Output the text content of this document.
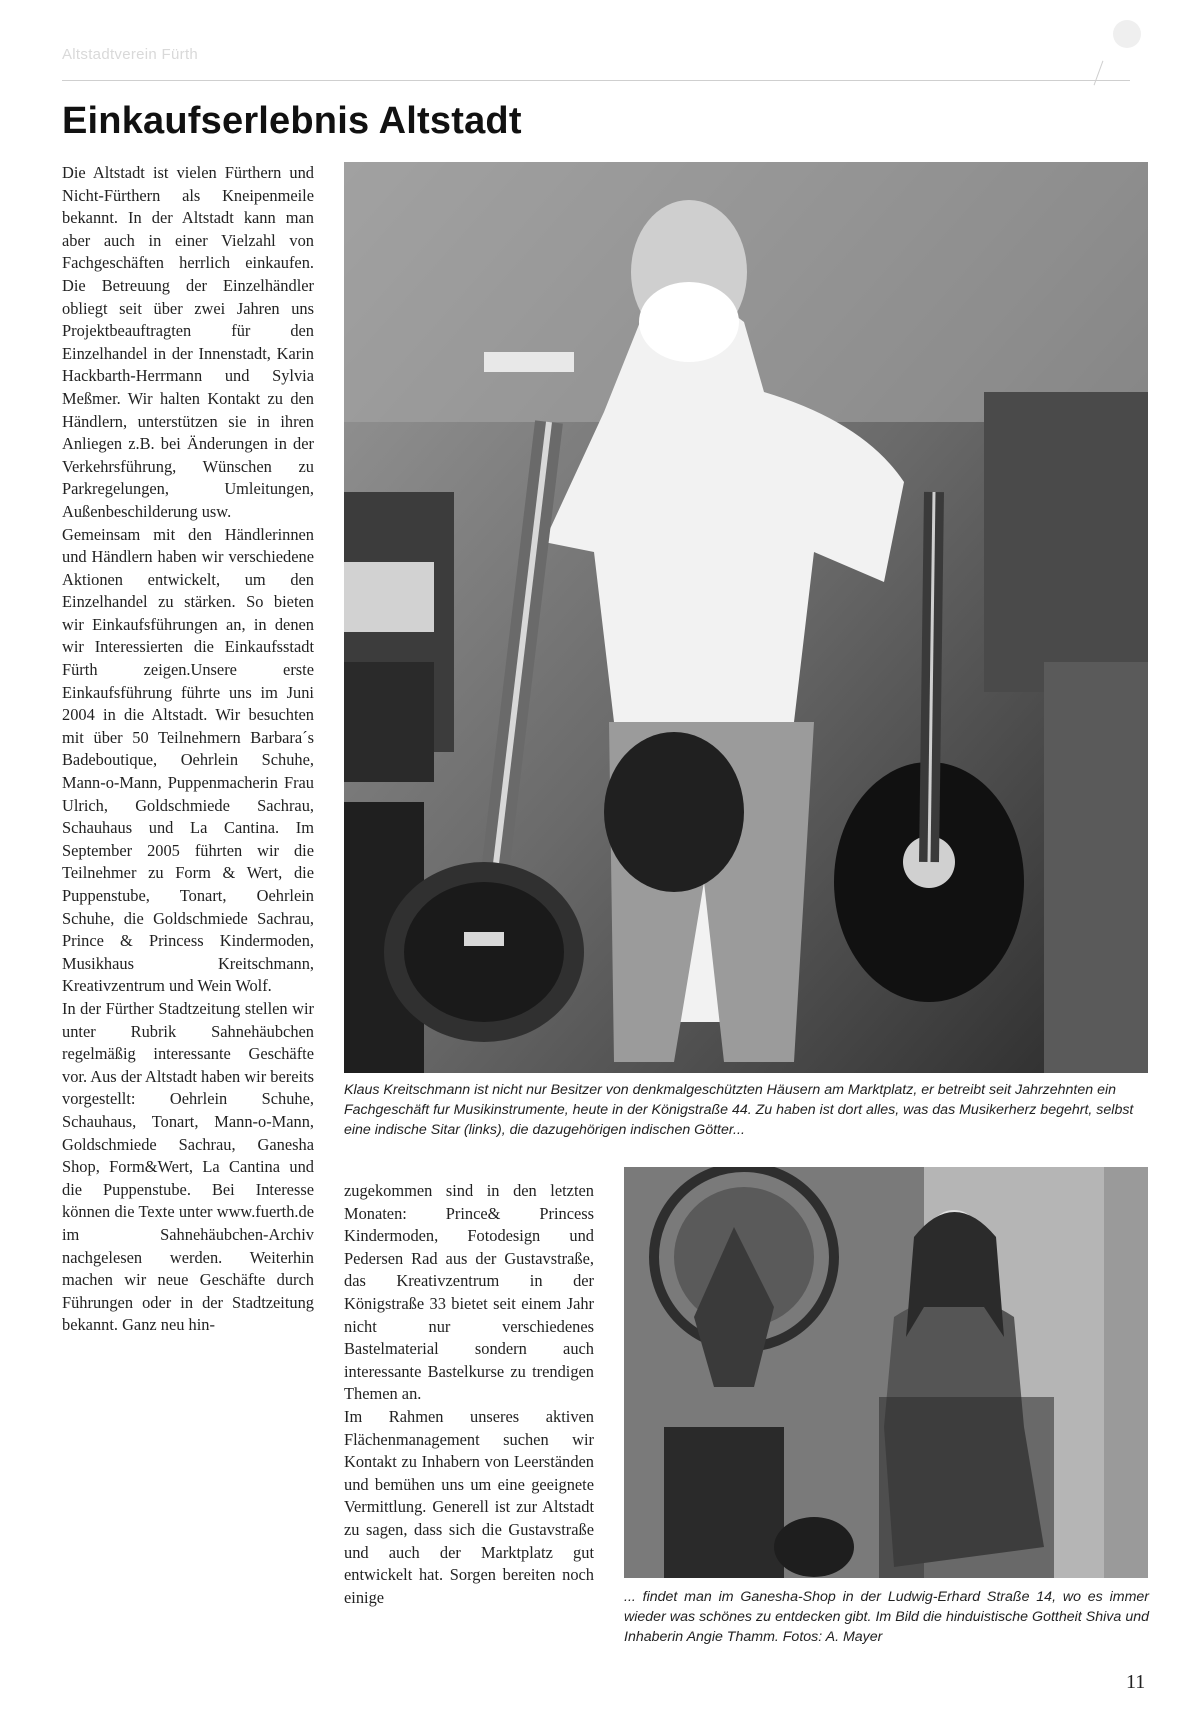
Altstadtverein Fürth
Einkaufserlebnis Altstadt

Die Altstadt ist vielen Fürthern und Nicht-Fürthern als Kneipenmeile bekannt. In der Altstadt kann man aber auch in einer Vielzahl von Fachgeschäften herrlich einkaufen. Die Betreuung der Einzelhändler obliegt seit über zwei Jahren uns Projektbeauftragten für den Einzelhandel in der Innenstadt, Karin Hackbarth-Herrmann und Sylvia Meßmer. Wir halten Kontakt zu den Händlern, unterstützen sie in ihren Anliegen z.B. bei Änderungen in der Verkehrsführung, Wünschen zu Parkregelungen, Umleitungen, Außenbeschilderung usw.

Gemeinsam mit den Händlerinnen und Händlern haben wir verschiedene Aktionen entwickelt, um den Einzelhandel zu stärken. So bieten wir Einkaufsführungen an, in denen wir Interessierten die Einkaufsstadt Fürth zeigen.Unsere erste Einkaufsführung führte uns im Juni 2004 in die Altstadt. Wir besuchten mit über 50 Teilnehmern Barbara´s Badeboutique, Oehrlein Schuhe, Mann-o-Mann, Puppenmacherin Frau Ulrich, Goldschmiede Sachrau, Schauhaus und La Cantina. Im September 2005 führten wir die Teilnehmer zu Form & Wert, die Puppenstube, Tonart, Oehrlein Schuhe, die Goldschmiede Sachrau, Prince & Princess Kindermoden, Musikhaus Kreitschmann, Kreativzentrum und Wein Wolf.

In der Fürther Stadtzeitung stellen wir unter Rubrik Sahnehäubchen regelmäßig interessante Geschäfte vor. Aus der Altstadt haben wir bereits vorgestellt: Oehrlein Schuhe, Schauhaus, Tonart, Mann-o-Mann, Goldschmiede Sachrau, Ganesha Shop, Form&Wert, La Cantina und die Puppenstube. Bei Interesse können die Texte unter www.fuerth.de im Sahnehäubchen-Archiv nachgelesen werden. Weiterhin machen wir neue Geschäfte durch Führungen oder in der Stadtzeitung bekannt. Ganz neu hin-

Klaus Kreitschmann ist nicht nur Besitzer von denkmalgeschützten Häusern am Marktplatz, er betreibt seit Jahrzehnten ein Fachgeschäft fur Musikinstrumente, heute in der Königstraße 44. Zu haben ist dort alles, was das Musikerherz begehrt, selbst eine indische Sitar (links), die dazugehörigen indischen Götter...

zugekommen sind in den letzten Monaten: Prince& Princess Kindermoden, Fotodesign und Pedersen Rad aus der Gustavstraße, das Kreativzentrum in der Königstraße 33 bietet seit einem Jahr nicht nur verschiedenes Bastelmaterial sondern auch interessante Bastelkurse zu trendigen Themen an.

Im Rahmen unseres aktiven Flächenmanagement suchen wir Kontakt zu Inhabern von Leerständen und bemühen uns um eine geeignete Vermittlung. Generell ist zur Altstadt zu sagen, dass sich die Gustavstraße und auch der Marktplatz gut entwickelt hat. Sorgen bereiten noch einige	... findet man im Ganesha-Shop in der Ludwig-Erhard Straße 14, wo es immer wieder was schönes zu entdecken gibt. Im Bild die hinduistische Gottheit Shiva und Inhaberin Angie Thamm. Fotos: A. Mayer
11
